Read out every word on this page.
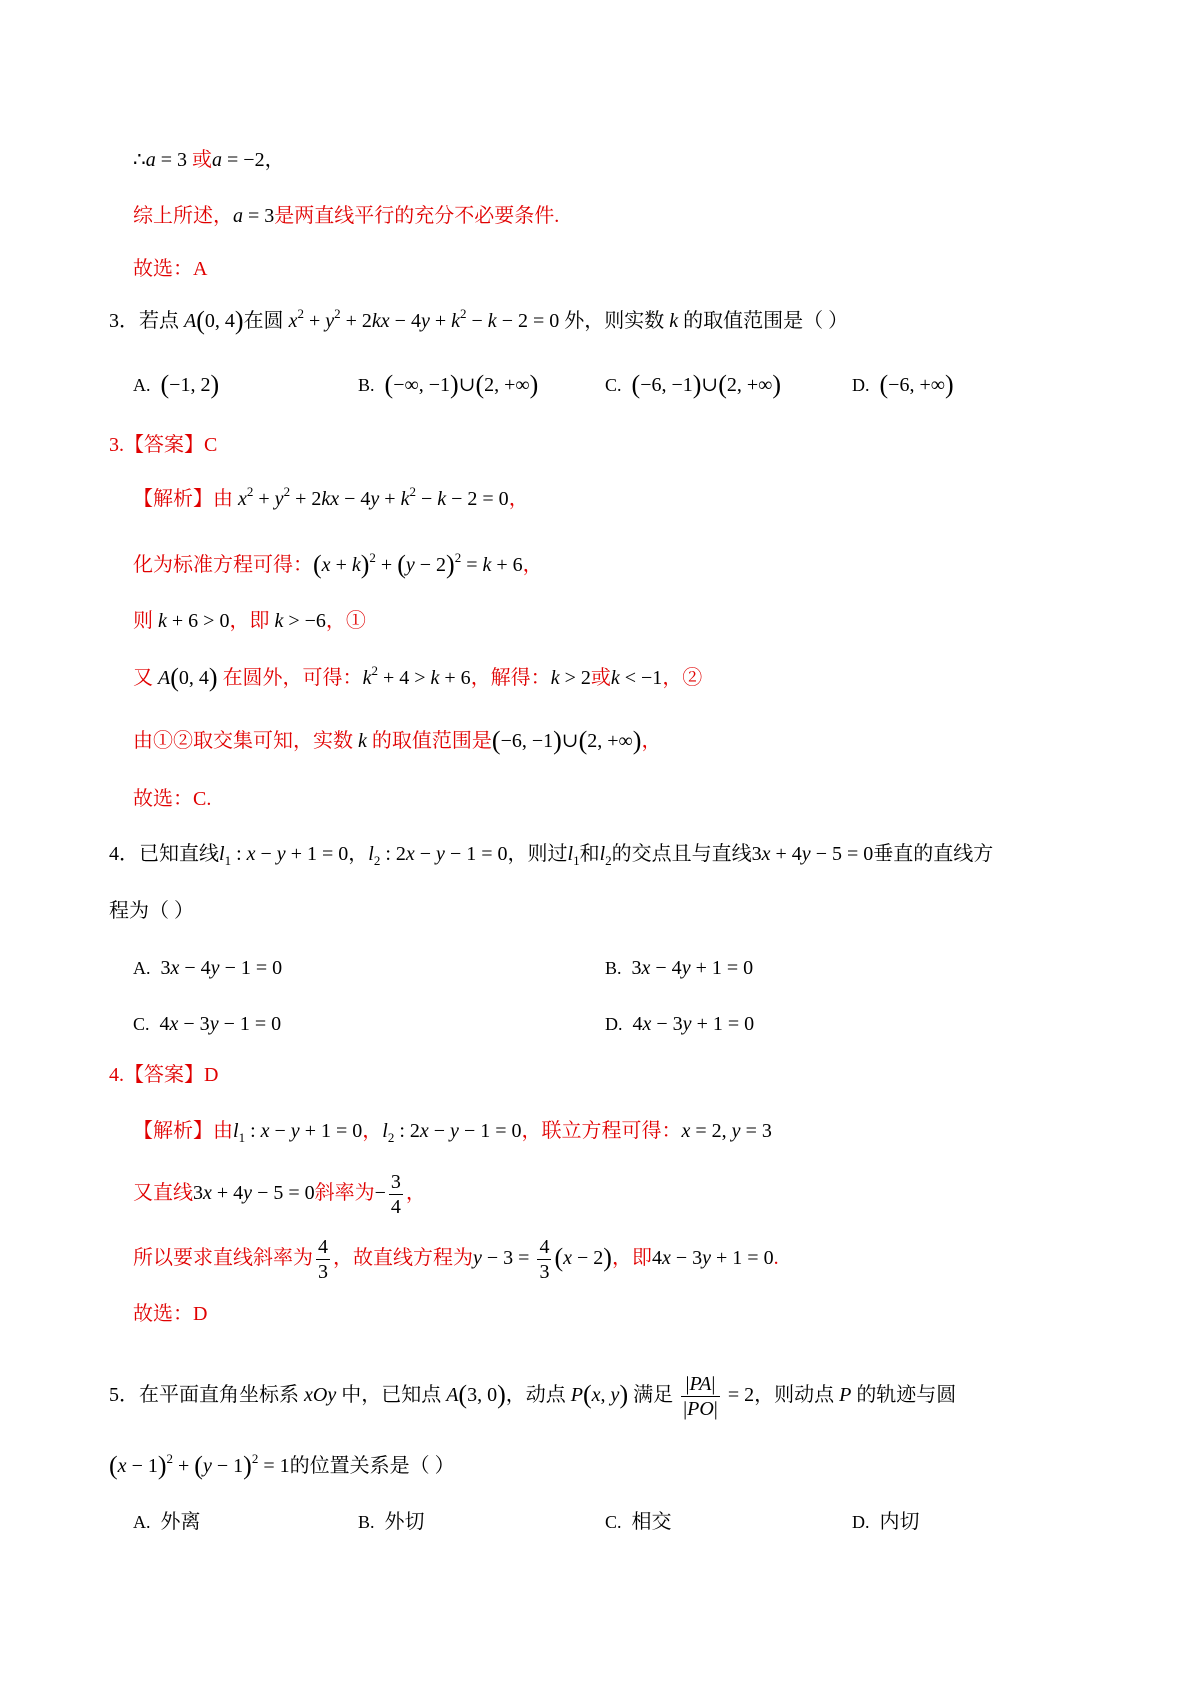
∴a = 3 或a = −2，
综上所述，a = 3是两直线平行的充分不必要条件.
故选：A
3．若点 A(0, 4)在圆 $x^2 + y^2 + 2kx - 4y + k^2 - k - 2 = 0$ 外，则实数 k 的取值范围是（ ）
A. (−1, 2)	B. (−∞, −1)∪(2, +∞)	C. (−6, −1)∪(2, +∞)	D. (−6, +∞)
3.【答案】C
【解析】由 $x^2 + y^2 + 2kx - 4y + k^2 - k - 2 = 0$，
化为标准方程可得：$(x + k)^2 + (y - 2)^2 = k + 6$，
则 k + 6 > 0，即 k > −6，①
又 A(0, 4) 在圆外，可得：$k^2 + 4 > k + 6$，解得：k > 2或k < −1，②
由①②取交集可知，实数 k 的取值范围是(−6, −1)∪(2, +∞)，
故选：C.
4．已知直线$l_1$ : x − y + 1 = 0，$l_2$ : 2x − y − 1 = 0，则过$l_1$和$l_2$的交点且与直线3x + 4y − 5 = 0垂直的直线方
程为（ ）
A. 3x − 4y − 1 = 0	B. 3x − 4y + 1 = 0
C. 4x − 3y − 1 = 0	D. 4x − 3y + 1 = 0
4.【答案】D
【解析】由$l_1$ : x − y + 1 = 0，$l_2$ : 2x − y − 1 = 0，联立方程可得：x = 2, y = 3
又直线3x + 4y − 5 = 0斜率为− $\frac{3}{4}$ ，
所以要求直线斜率为 $\frac{4}{3}$ ，故直线方程为$y - 3 = \frac{4}{3} (x - 2)$，即4x − 3y + 1 = 0.
故选：D
5．在平面直角坐标系 xOy 中，已知点 A(3, 0)，动点 P(x, y) 满足 $\frac{|PA|}{|PO|} = 2$，则动点 P 的轨迹与圆
$(x - 1)^2 + (y - 1)^2 = 1$的位置关系是（ ）
A. 外离	B. 外切	C. 相交	D. 内切
